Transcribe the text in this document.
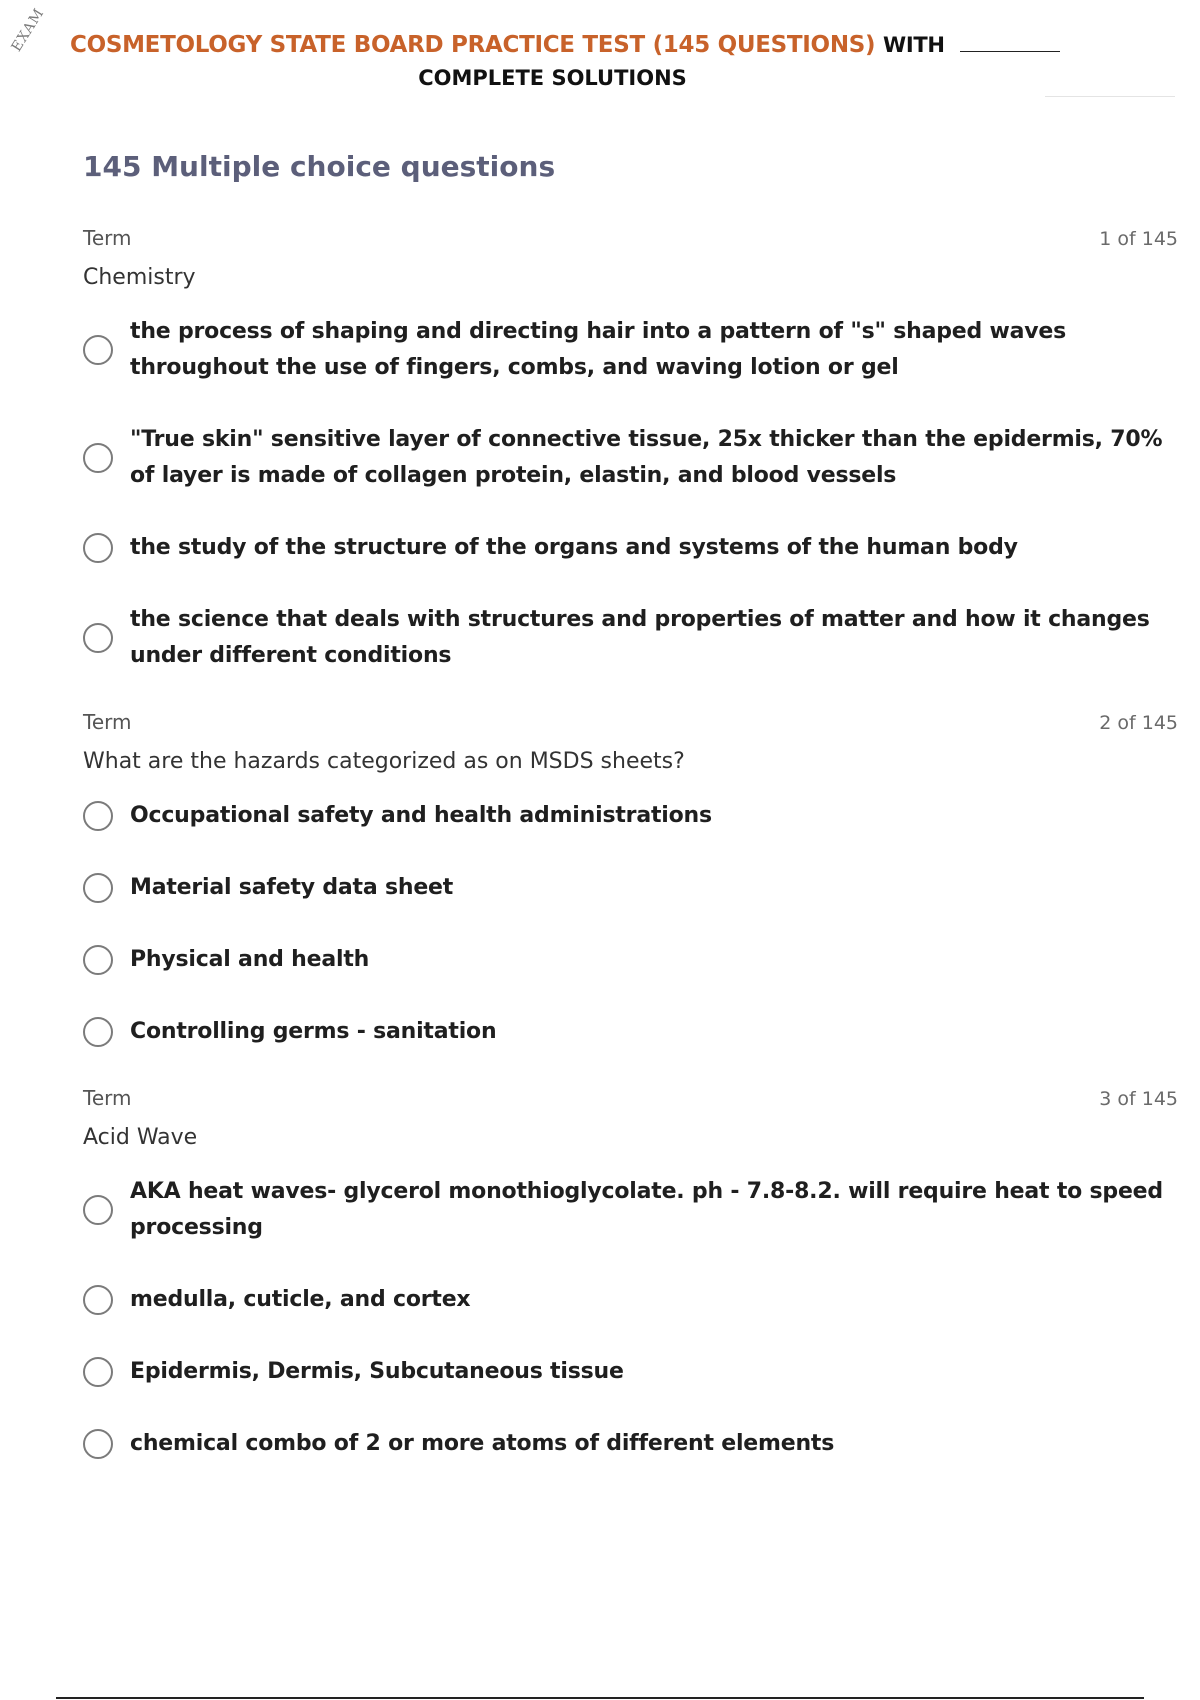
EXAM COSMETOLOGY STATE BOARD PRACTICE TEST (145 QUESTIONS) WITH
COMPLETE SOLUTIONS
145 Multiple choice questions
Term	1 of 145
Chemistry
the process of shaping and directing hair into a pattern of "s" shaped waves throughout the use of fingers, combs, and waving lotion or gel
"True skin" sensitive layer of connective tissue, 25x thicker than the epidermis, 70% of layer is made of collagen protein, elastin, and blood vessels
the study of the structure of the organs and systems of the human body
the science that deals with structures and properties of matter and how it changes under different conditions
Term	2 of 145
What are the hazards categorized as on MSDS sheets?
Occupational safety and health administrations
Material safety data sheet
Physical and health
Controlling germs - sanitation
Term	3 of 145
Acid Wave
AKA heat waves- glycerol monothioglycolate. ph - 7.8-8.2. will require heat to speed processing
medulla, cuticle, and cortex
Epidermis, Dermis, Subcutaneous tissue
chemical combo of 2 or more atoms of different elements
